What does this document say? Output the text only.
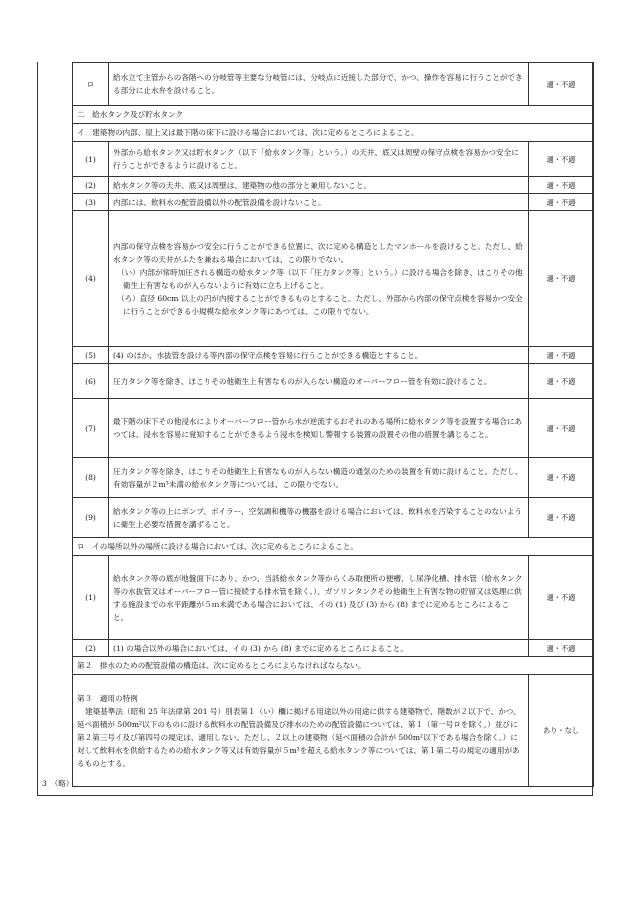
ロ	給水立て主管からの各階への分岐管等主要な分岐管には、分岐点に近接した部分で、かつ、操作を容易に行うことができる部分に止水弁を設けること。	適・不適
二　給水タンク及び貯水タンク		
イ　建築物の内部、屋上又は最下階の床下に設ける場合においては、次に定めるところによること。		
(1)	外部から給水タンク又は貯水タンク（以下「給水タンク等」という。）の天井、底又は周壁の保守点検を容易かつ安全に行うことができるように設けること。	適・不適
(2)	給水タンク等の天井、底又は周壁は、建築物の他の部分と兼用しないこと。	適・不適
(3)	内部には、飲料水の配管設備以外の配管設備を設けないこと。	適・不適
(4)	内部の保守点検を容易かつ安全に行うことができる位置に、次に定める構造としたマンホールを設けること。ただし、給水タンク等の天井がふたを兼ねる場合においては、この限りでない。
（い）内部が常時加圧される構造の給水タンク等（以下「圧力タンク等」という。）に設ける場合を除き、ほこりその他衛生上有害なものが入らないように有効に立ち上げること。
（ろ）直径 60cm 以上の円が内接することができるものとすること。ただし、外部から内部の保守点検を容易かつ安全に行うことができる小規模な給水タンク等にあつては、この限りでない。	適・不適
(5)	(4) のほか、水抜管を設ける等内部の保守点検を容易に行うことができる構造とすること。	適・不適
(6)	圧力タンク等を除き、ほこりその他衛生上有害なものが入らない構造のオーバーフロー管を有効に設けること。	適・不適
(7)	最下階の床下その他浸水によりオーバーフロー管から水が逆流するおそれのある場所に給水タンク等を設置する場合にあつては、浸水を容易に覚知することができるよう浸水を検知し警報する装置の設置その他の措置を講じること。	適・不適
(8)	圧力タンク等を除き、ほこりその他衛生上有害なものが入らない構造の通気のための装置を有効に設けること。ただし、有効容量が２m³未満の給水タンク等については、この限りでない。	適・不適
(9)	給水タンク等の上にポンプ、ボイラー、空気調和機等の機器を設ける場合においては、飲料水を汚染することのないように衛生上必要な措置を講ずること。	適・不適
ロ　イの場所以外の場所に設ける場合においては、次に定めるところによること。		
(1)	給水タンク等の底が地盤面下にあり、かつ、当該給水タンク等からくみ取便所の便槽、し尿浄化槽、排水管（給水タンク等の水抜管又はオーバーフロー管に接続する排水管を除く。）、ガソリンタンクその他衛生上有害な物の貯留又は処理に供する施設までの水平距離が５ｍ未満である場合においては、イの (1) 及び (3) から (8) までに定めるところによること。	適・不適
(2)	(1) の場合以外の場合においては、イの (3) から (8) までに定めるところによること。	適・不適
第２　排水のための配管設備の構造は、次に定めるところによらなければならない。		

第３　適用の特例
建築基準法（昭和 25 年法律第 201 号）別表第１（い）欄に掲げる用途以外の用途に供する建築物で、階数が２以下で、かつ、延べ面積が 500m²以下のものに設ける飲料水の配管設備及び排水のための配管設備については、第１（第一号ロを除く。）並びに第２第三号イ及び第四号の規定は、適用しない。ただし、２以上の建築物（延べ面積の合計が 500m²以下である場合を除く。）に対して飲料水を供給するための給水タンク等又は有効容量が５m³を超える給水タンク等については、第１第二号の規定の適用があるものとする。		あり・なし
3　（略）
